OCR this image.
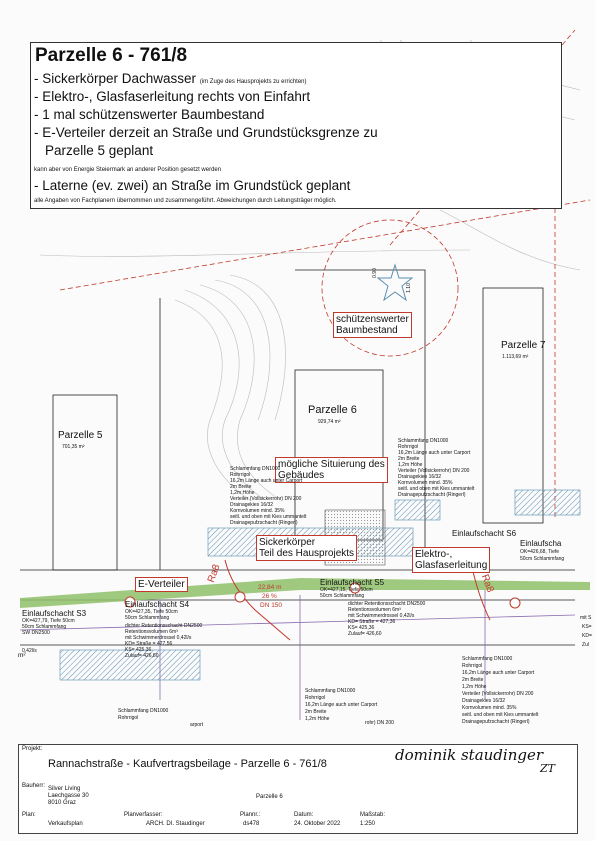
Parzelle 6 - 761/8
- Sickerkörper Dachwasser (im Zuge des Hausprojekts zu errichten)
- Elektro-, Glasfaserleitung rechts von Einfahrt
- 1 mal schützenswerter Baumbestand
- E-Verteiler derzeit an Straße und Grundstücksgrenze zu
Parzelle 5 geplant
kann aber von Energie Steiermark an anderer Position gesetzt werden
- Laterne (ev. zwei) an Straße im Grundstück geplant
alle Angaben von Fachplanern übernommen und zusammengeführt. Abweichungen durch Leitungsträger möglich.
schützenswerter
Baumbestand
Parzelle 7
1.113,69 m²
Parzelle 6
929,74 m²
Parzelle 5
701,35 m²
mögliche Situierung des
Gebäudes
Sickerkörper
Teil des Hausprojekts	Elektro-,
Glasfaserleitung
E-Verteiler
Einlaufschacht S3
OK=427,79, Tiefe 50cm
50cm Schlammfang
SW DN2500
0,42l/s
Einlaufschacht S4
OK=427,35, Tiefe 50cm
50cm Schlammfang
dichter Retentionsschacht DN2500
Retentionsvolumen 6m³
mit Schwimmerdrossel 0,42l/s
KD= Straße = 427,56
KS= 425,36
Zulauf= 426,80
Einlaufschacht S5
OK=427,15, Tiefe 50cm
50cm Schlammfang
dichter Retentionsschacht DN2500
Retentionsvolumen 6m³
mit Schwimmerdrossel 0,42l/s
KD= Straße = 427,36
KS= 425,36
Zulauf= 426,60
Einlaufschacht S6
Einlaufscha
OK=426,68, Tiefe
50cm Schlammfang
Ra8	Ra8
22,84 m
26 %
DN 150
0.90
1.10
Schlammfang DN1000
Rohrrigol
16,2m Länge auch unter Carport
2m Breite
1,2m Höhe
Verteiler (Vollsickerrohr) DN 200
Drainagekies 16/32
Kornvolumen mind. 35%
seitl. und oben mit Kies ummantelt
Drainagepufzschacht (Ringerl)
Schlammfang DN1000
Rohrrigol
16,2m Länge auch unter Carport
2m Breite
1,2m Höhe
Verteiler (Vollsickerrohr) DN 200
Drainagekies 16/32
Kornvolumen mind. 35%
seitl. und oben mit Kies ummantelt
Drainagepufzschacht (Ringerl)
Schlammfang DN1000
Rohrrigol
16,2m Länge auch unter Carport
2m Breite
1,2m Höhe
Verteiler (Vollsickerrohr) DN 200
Drainagekies 16/32
Kornvolumen mind. 35%
seitl. und oben mit Kies ummantelt
Drainagepufzschacht (Ringerl)
Schlammfang DN1000
Rohrrigol
16,2m Länge auch unter Carport
2m Breite
1,2m Höhe
rohr) DN 200
Schlammfang DN1000
Rohrrigol
arport
m²
mit S
KS=
KD=
Zul
Projekt:
Rannachstraße - Kaufvertragsbeilage - Parzelle 6 - 761/8	dominik staudinger
ZT
Bauherr: Silver Living
Laechgasse 30
8010 Graz
Plan:
Verkaufsplan
Planverfasser:
ARCH. DI. Staudinger
Plannr.:
ds478
Parzelle 6
Datum:
24. Oktober 2022
Maßstab:
1:250
